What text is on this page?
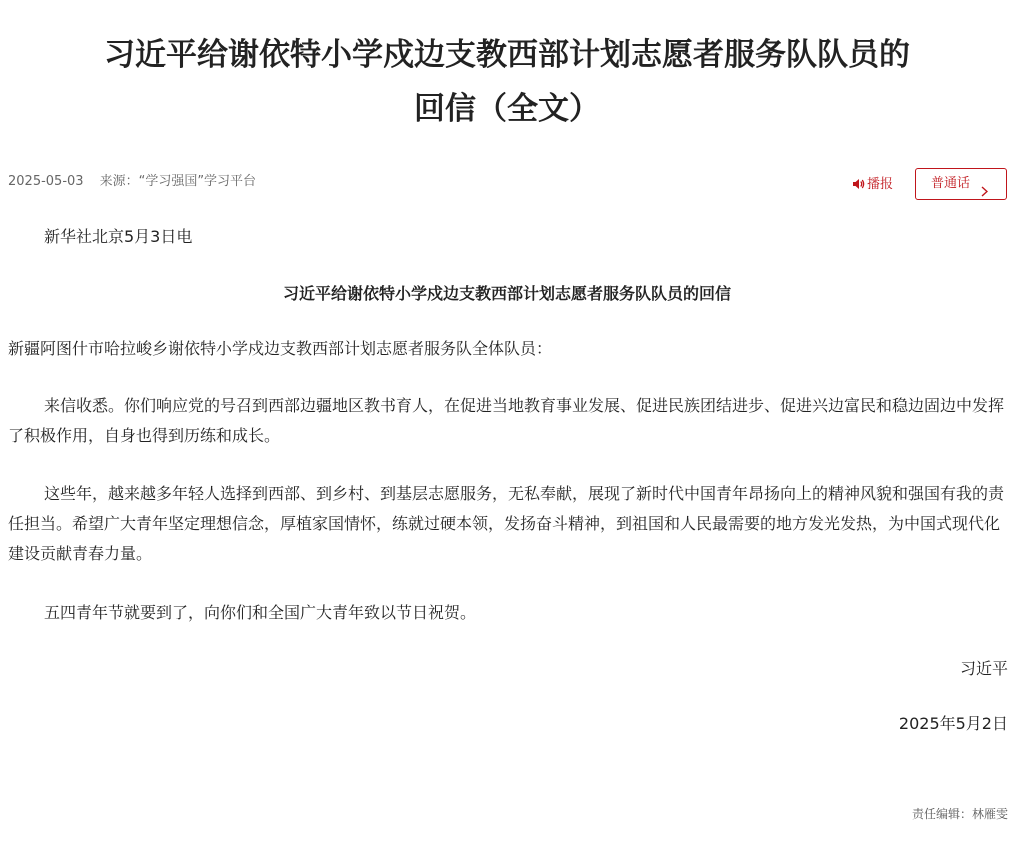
习近平给谢依特小学戍边支教西部计划志愿者服务队队员的
回信（全文）
2025-05-03 来源：“学习强国”学习平台	播报	普通话

新华社北京5月3日电

习近平给谢依特小学戍边支教西部计划志愿者服务队队员的回信

新疆阿图什市哈拉峻乡谢依特小学戍边支教西部计划志愿者服务队全体队员：

来信收悉。你们响应党的号召到西部边疆地区教书育人，在促进当地教育事业发展、促进民族团结进步、促进兴边富民和稳边固边中发挥了积极作用，自身也得到历练和成长。

这些年，越来越多年轻人选择到西部、到乡村、到基层志愿服务，无私奉献，展现了新时代中国青年昂扬向上的精神风貌和强国有我的责任担当。希望广大青年坚定理想信念，厚植家国情怀，练就过硬本领，发扬奋斗精神，到祖国和人民最需要的地方发光发热，为中国式现代化建设贡献青春力量。

五四青年节就要到了，向你们和全国广大青年致以节日祝贺。

习近平

2025年5月2日

责任编辑：林雁雯
